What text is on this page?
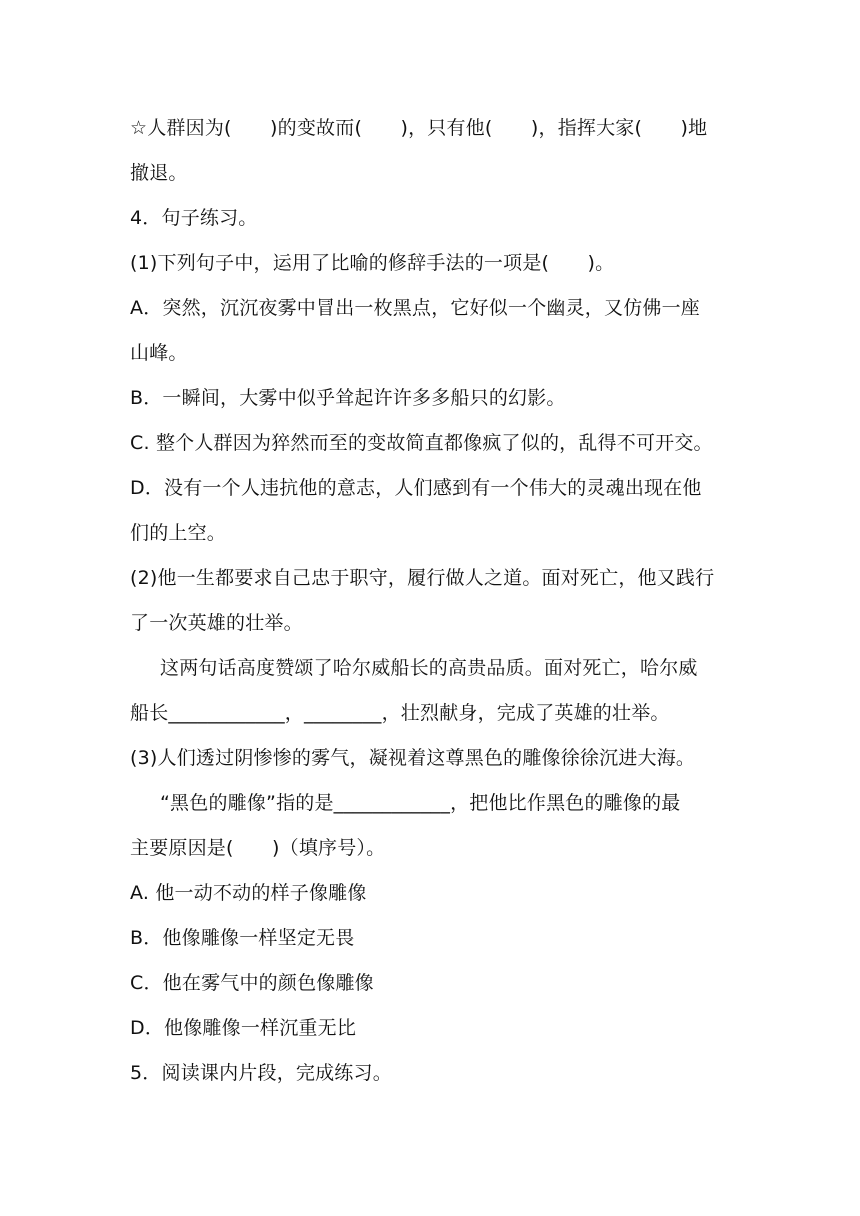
☆人群因为(　　)的变故而(　　)，只有他(　　)，指挥大家(　　)地
撤退。
4．句子练习。
(1)下列句子中，运用了比喻的修辞手法的一项是(　　)。
A．突然，沉沉夜雾中冒出一枚黑点，它好似一个幽灵，又仿佛一座
山峰。
B．一瞬间，大雾中似乎耸起许许多多船只的幻影。
C. 整个人群因为猝然而至的变故简直都像疯了似的，乱得不可开交。
D．没有一个人违抗他的意志，人们感到有一个伟大的灵魂出现在他
们的上空。
(2)他一生都要求自己忠于职守，履行做人之道。面对死亡，他又践行
了一次英雄的壮举。
这两句话高度赞颂了哈尔威船长的高贵品质。面对死亡，哈尔威
船长____________，________，壮烈献身，完成了英雄的壮举。
(3)人们透过阴惨惨的雾气，凝视着这尊黑色的雕像徐徐沉进大海。
“黑色的雕像”指的是____________，把他比作黑色的雕像的最
主要原因是(　　)（填序号）。
A. 他一动不动的样子像雕像
B．他像雕像一样坚定无畏
C．他在雾气中的颜色像雕像
D．他像雕像一样沉重无比
5．阅读课内片段，完成练习。
